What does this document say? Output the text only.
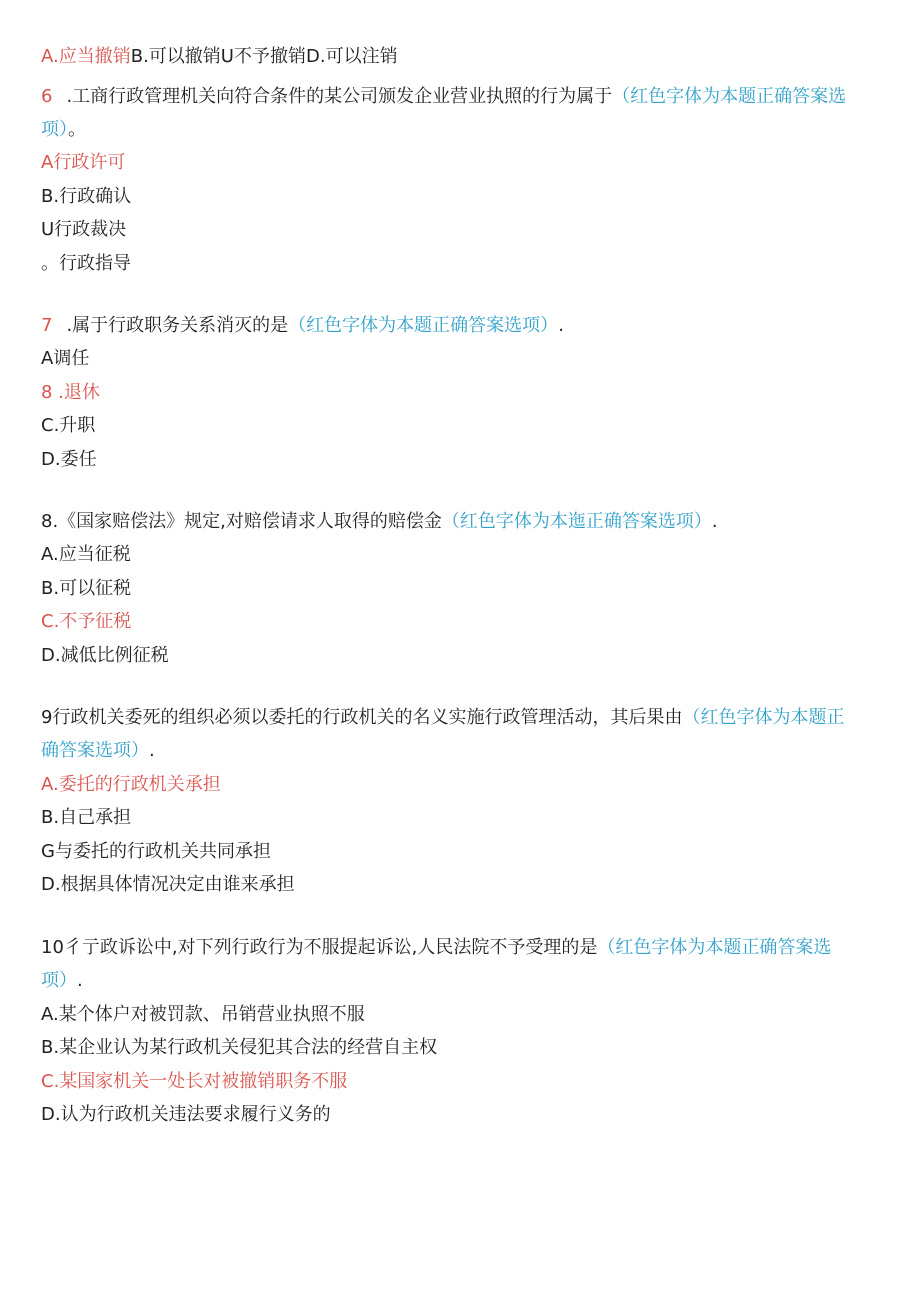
A.应当撤销B.可以撤销U不予撤销D.可以注销
6 .工商行政管理机关向符合条件的某公司颁发企业营业执照的行为属于（红色字体为本题正确答案选
项）。
A行政许可
B.行政确认
U行政裁决
。行政指导
7 .属于行政职务关系消灭的是（红色字体为本题正确答案选项）.
A调任
8 .退休
C.升职
D.委任
8.《国家赔偿法》规定,对赔偿请求人取得的赔偿金（红色字体为本迤正确答案选项）.
A.应当征税
B.可以征税
C.不予征税
D.减低比例征税
9行政机关委死的组织必须以委托的行政机关的名义实施行政管理活动，其后果由（红色字体为本题正
确答案选项）.
A.委托的行政机关承担
B.自己承担
G与委托的行政机关共同承担
D.根据具体情况决定由谁来承担
10彳亍政诉讼中,对下列行政行为不服提起诉讼,人民法院不予受理的是（红色字体为本题正确答案选
项）.
A.某个体户对被罚款、吊销营业执照不服
B.某企业认为某行政机关侵犯其合法的经营自主权
C.某国家机关一处长对被撤销职务不服
D.认为行政机关违法要求履行义务的
